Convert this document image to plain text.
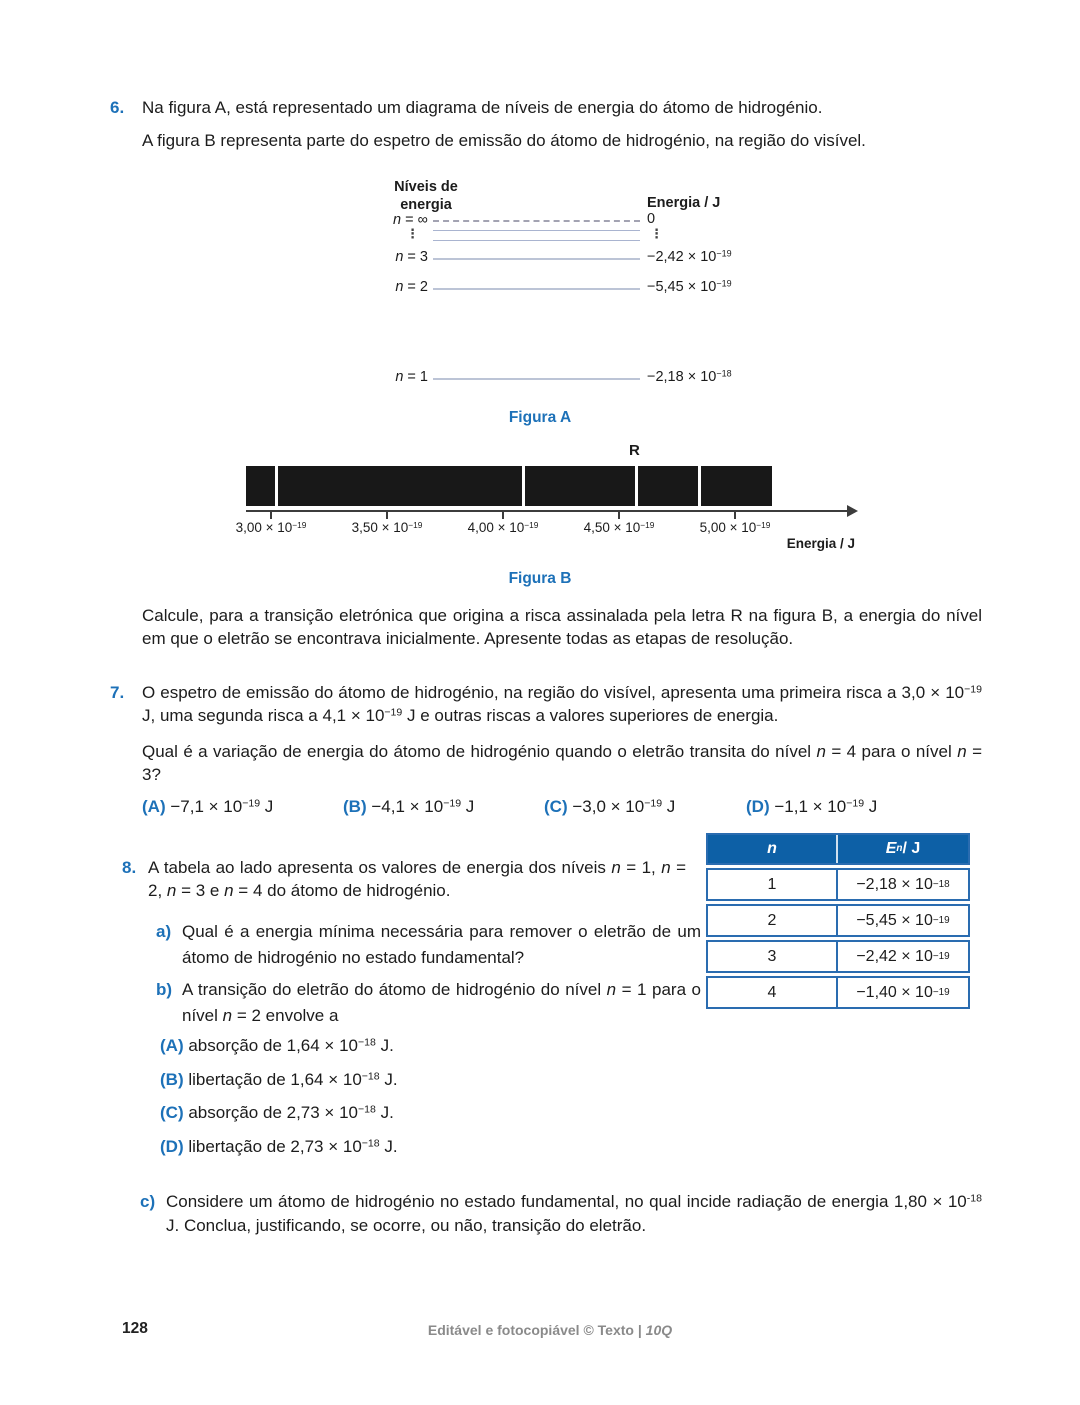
6.	Na figura A, está representado um diagrama de níveis de energia do átomo de hidrogénio.

A figura B representa parte do espetro de emissão do átomo de hidrogénio, na região do visível.

Níveis de
energia	Energia / J
n = ∞	0
⋮	⋮
n = 3	$-2,42 \times 10^{-19}$
n = 2	$-5,45 \times 10^{-19}$
n = 1	$-2,18 \times 10^{-18}$
Figura A
R
$3,00 \times 10^{-19}$	$3,50 \times 10^{-19}$	$4,00 \times 10^{-19}$	$4,50 \times 10^{-19}$	$5,00 \times 10^{-19}$
Energia / J
Figura B

Calcule, para a transição eletrónica que origina a risca assinalada pela letra R na figura B, a energia do nível em que o eletrão se encontrava inicialmente. Apresente todas as etapas de resolução.

7.	O espetro de emissão do átomo de hidrogénio, na região do visível, apresenta uma primeira risca a $3,0 \times 10^{-19}$ J, uma segunda risca a $4,1 \times 10^{-19}$ J e outras riscas a valores superiores de energia.

Qual é a variação de energia do átomo de hidrogénio quando o eletrão transita do nível n = 4 para o nível n = 3?

$(A) -7,1 \times 10^{-19}$ J	$(B) -4,1 \times 10^{-19}$ J	$(C) -3,0 \times 10^{-19}$ J	$(D) -1,1 \times 10^{-19}$ J
8. A tabela ao lado apresenta os valores de energia dos níveis n = 1, n = 2, n = 3 e n = 4 do átomo de hidrogénio.
n	E n / J
1	−2,18 × 10 −18
2	−5,45 × 10 −19
3	−2,42 × 10 −19
4	−1,40 × 10 −19
a) Qual é a energia mínima necessária para remover o eletrão de um átomo de hidrogénio no estado fundamental?
b) A transição do eletrão do átomo de hidrogénio do nível n = 1 para o nível n = 2 envolve a

(A) absorção de $1,64 \times 10^{-18}$ J.

(B) libertação de $1,64 \times 10^{-18}$ J.

(C) absorção de $2,73 \times 10^{-18}$ J.

(D) libertação de $2,73 \times 10^{-18}$ J.

c) Considere um átomo de hidrogénio no estado fundamental, no qual incide radiação de energia $1,80 \times 10^{-18}$ J. Conclua, justificando, se ocorre, ou não, transição do eletrão.
128	Editável e fotocopiável © Texto | 10Q
